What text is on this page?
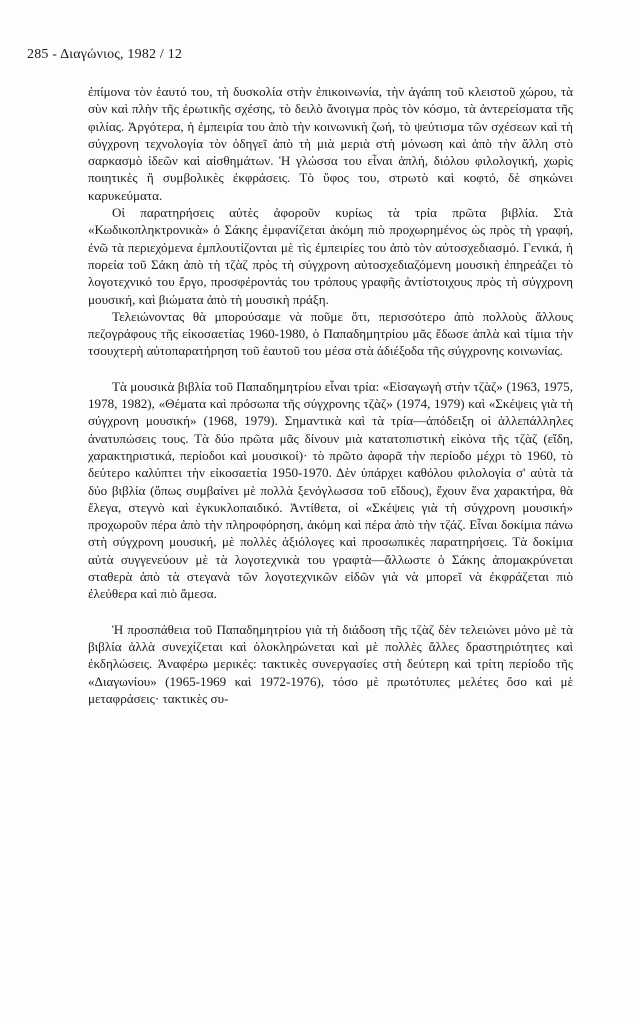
285 - Διαγώνιος, 1982 / 12

ἐπίμονα τὸν ἑαυτό του, τὴ δυσκολία στὴν ἐπικοινωνία, τὴν ἀγάπη τοῦ κλειστοῦ χώρου, τὰ σὺν καὶ πλὴν τῆς ἐρωτικῆς σχέσης, τὸ δειλὸ ἄνοιγμα πρὸς τὸν κόσμο, τὰ ἀντερείσματα τῆς φιλίας. Ἀργότερα, ἡ ἐμπειρία του ἀπὸ τὴν κοινωνικὴ ζωή, τὸ ψεύτισμα τῶν σχέσεων καὶ τὴ σύγχρονη τεχνολογία τὸν ὁδηγεῖ ἀπὸ τὴ μιὰ μεριὰ στὴ μόνωση καὶ ἀπὸ τὴν ἄλλη στὸ σαρκασμὸ ἰδεῶν καὶ αἰσθημάτων. Ἡ γλώσσα του εἶναι ἁπλή, διόλου φιλολογική, χωρὶς ποιητικὲς ἢ συμβολικὲς ἐκφράσεις. Τὸ ὕφος του, στρωτὸ καὶ κοφτό, δὲ σηκώνει καρυκεύματα.

Οἱ παρατηρήσεις αὐτὲς ἀφοροῦν κυρίως τὰ τρία πρῶτα βιβλία. Στὰ «Κωδικοπληκτρονικὰ» ὁ Σάκης ἐμφανίζεται ἀκόμη πιὸ προχωρημένος ὡς πρὸς τὴ γραφή, ἐνῶ τὰ περιεχόμενα ἐμπλουτίζονται μὲ τὶς ἐμπειρίες του ἀπὸ τὸν αὐτοσχεδιασμό. Γενικά, ἡ πορεία τοῦ Σάκη ἀπὸ τὴ τζὰζ πρὸς τὴ σύγχρονη αὐτοσχεδιαζόμενη μουσικὴ ἐπηρεάζει τὸ λογοτεχνικό του ἔργο, προσφέροντάς του τρόπους γραφῆς ἀντίστοιχους πρὸς τὴ σύγχρονη μουσική, καὶ βιώματα ἀπὸ τὴ μουσικὴ πράξη.

Τελειώνοντας θὰ μπορούσαμε νὰ ποῦμε ὅτι, περισσότερο ἀπὸ πολλοὺς ἄλλους πεζογράφους τῆς εἰκοσαετίας 1960-1980, ὁ Παπαδημητρίου μᾶς ἔδωσε ἁπλὰ καὶ τίμια τὴν τσουχτερὴ αὐτοπαρατήρηση τοῦ ἑαυτοῦ του μέσα στὰ ἀδιέξοδα τῆς σύγχρονης κοινωνίας.

Τὰ μουσικὰ βιβλία τοῦ Παπαδημητρίου εἶναι τρία: «Εἰσαγωγὴ στὴν τζὰζ» (1963, 1975, 1978, 1982), «Θέματα καὶ πρόσωπα τῆς σύγχρονης τζὰζ» (1974, 1979) καὶ «Σκέψεις γιὰ τὴ σύγχρονη μουσική» (1968, 1979). Σημαντικὰ καὶ τὰ τρία—ἀπόδειξη οἱ ἀλλεπάλληλες ἀνατυπώσεις τους. Τὰ δύο πρῶτα μᾶς δίνουν μιὰ κατατοπιστικὴ εἰκόνα τῆς τζὰζ (εἴδη, χαρακτηριστικά, περίοδοι καὶ μουσικοί)· τὸ πρῶτο ἀφορᾶ τὴν περίοδο μέχρι τὸ 1960, τὸ δεύτερο καλύπτει τὴν εἰκοσαετία 1950-1970. Δὲν ὑπάρχει καθόλου φιλολογία σ' αὐτὰ τὰ δύο βιβλία (ὅπως συμβαίνει μὲ πολλὰ ξενόγλωσσα τοῦ εἴδους), ἔχουν ἕνα χαρακτήρα, θὰ ἔλεγα, στεγνὸ καὶ ἐγκυκλοπαιδικό. Ἀντίθετα, οἱ «Σκέψεις γιὰ τὴ σύγχρονη μουσική» προχωροῦν πέρα ἀπὸ τὴν πληροφόρηση, ἀκόμη καὶ πέρα ἀπὸ τὴν τζάζ. Εἶναι δοκίμια πάνω στὴ σύγχρονη μουσική, μὲ πολλὲς ἀξιόλογες καὶ προσωπικὲς παρατηρήσεις. Τὰ δοκίμια αὐτὰ συγγενεύουν μὲ τὰ λογοτεχνικὰ του γραφτὰ—ἄλλωστε ὁ Σάκης ἀπομακρύνεται σταθερὰ ἀπὸ τὰ στεγανὰ τῶν λογοτεχνικῶν εἰδῶν γιὰ νὰ μπορεῖ νὰ ἐκφράζεται πιὸ ἐλεύθερα καὶ πιὸ ἄμεσα.

Ἡ προσπάθεια τοῦ Παπαδημητρίου γιὰ τὴ διάδοση τῆς τζὰζ δὲν τελειώνει μόνο μὲ τὰ βιβλία ἀλλὰ συνεχίζεται καὶ ὁλοκληρώνεται καὶ μὲ πολλὲς ἄλλες δραστηριότητες καὶ ἐκδηλώσεις. Ἀναφέρω μερικές: τακτικὲς συνεργασίες στὴ δεύτερη καὶ τρίτη περίοδο τῆς «Διαγωνίου» (1965-1969 καὶ 1972-1976), τόσο μὲ πρωτότυπες μελέτες ὅσο καὶ μὲ μεταφράσεις· τακτικὲς συ-
